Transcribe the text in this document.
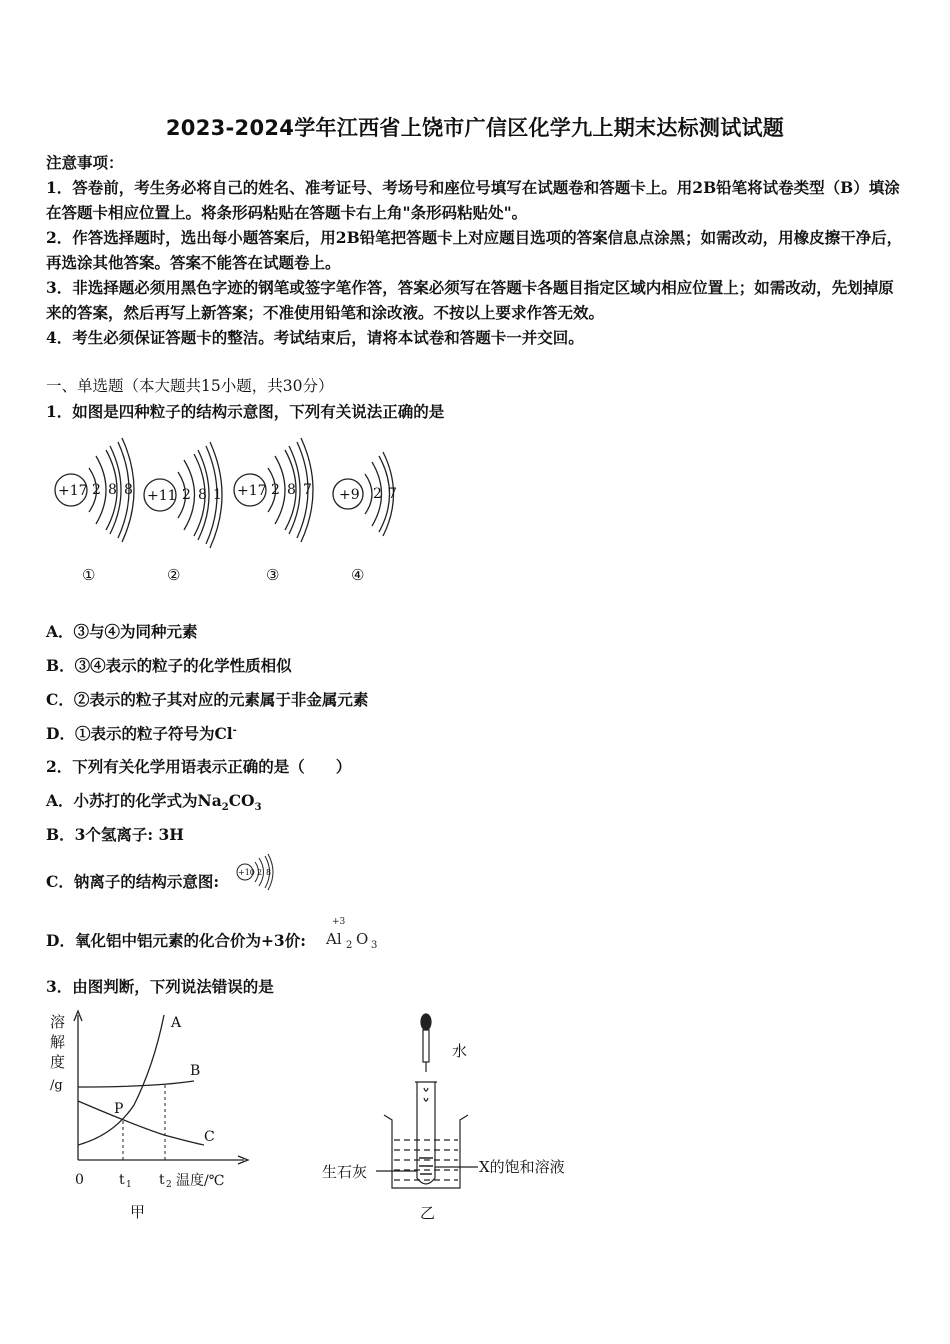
2023-2024学年江西省上饶市广信区化学九上期末达标测试试题

注意事项：

1．答卷前，考生务必将自己的姓名、准考证号、考场号和座位号填写在试题卷和答题卡上。用2B铅笔将试卷类型（B）填涂在答题卡相应位置上。将条形码粘贴在答题卡右上角"条形码粘贴处"。

2．作答选择题时，选出每小题答案后，用2B铅笔把答题卡上对应题目选项的答案信息点涂黑；如需改动，用橡皮擦干净后，再选涂其他答案。答案不能答在试题卷上。

3．非选择题必须用黑色字迹的钢笔或签字笔作答，答案必须写在答题卡各题目指定区域内相应位置上；如需改动，先划掉原来的答案，然后再写上新答案；不准使用铅笔和涂改液。不按以上要求作答无效。

4．考生必须保证答题卡的整洁。考试结束后，请将本试卷和答题卡一并交回。

一、单选题（本大题共15小题，共30分）
1．如图是四种粒子的结构示意图，下列有关说法正确的是
+17 2 8 8 +11 2 8 1 +17 2 8 7 +9 2 7
①	②	③	④
A．③与④为同种元素
B．③④表示的粒子的化学性质相似
C．②表示的粒子其对应的元素属于非金属元素
D．①表示的粒子符号为Cl-
2．下列有关化学用语表示正确的是（　　）
A．小苏打的化学式为$Na_2CO_3$
B．3个氢离子: 3H
C．钠离子的结构示意图: +10 2 8
D．氧化铝中铝元素的化合价为+3价:
+3
Al 2 O 3
3．由图判断，下列说法错误的是
溶
解
度
/g
A
B
C
P
0	t 1 t 2 温度/℃
甲
水
生石灰	X的饱和溶液
乙
